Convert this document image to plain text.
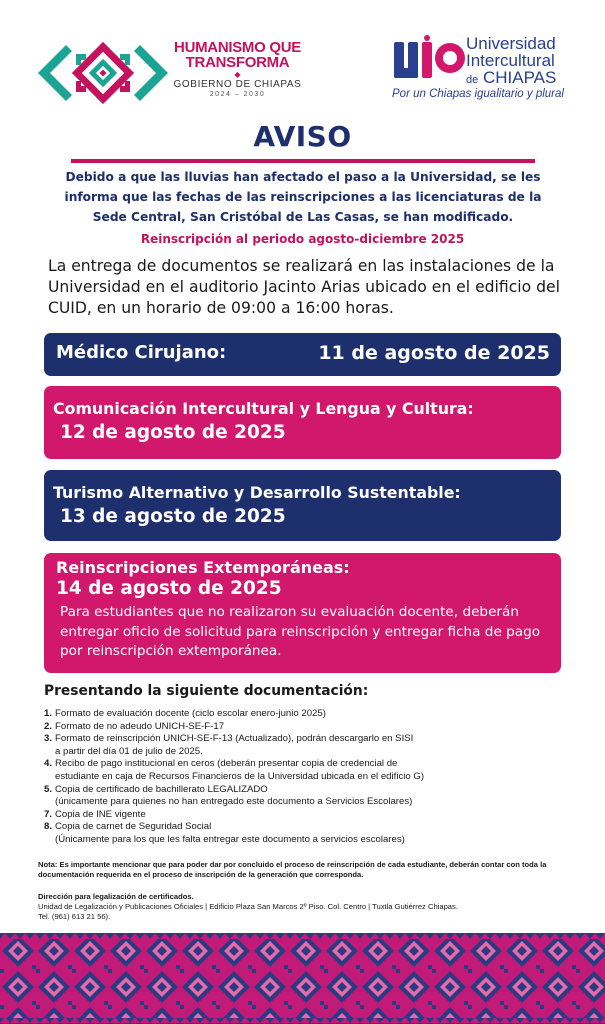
HUMANISMO QUE
TRANSFORMA
◆
GOBIERNO DE CHIAPAS
2024 – 2030
Universidad
Intercultural
de CHIAPAS
Por un Chiapas igualitario y plural
AVISO
Debido a que las lluvias han afectado el paso a la Universidad, se les informa que las fechas de las reinscripciones a las licenciaturas de la Sede Central, San Cristóbal de Las Casas, se han modificado.
Reinscripción al periodo agosto-diciembre 2025
La entrega de documentos se realizará en las instalaciones de la Universidad en el auditorio Jacinto Arias ubicado en el edificio del CUID, en un horario de 09:00 a 16:00 horas.
Médico Cirujano:	11 de agosto de 2025
Comunicación Intercultural y Lengua y Cultura:
12 de agosto de 2025
Turismo Alternativo y Desarrollo Sustentable:
13 de agosto de 2025
Reinscripciones Extemporáneas:
14 de agosto de 2025
Para estudiantes que no realizaron su evaluación docente, deberán entregar oficio de solicitud para reinscripción y entregar ficha de pago por reinscripción extemporánea.
Presentando la siguiente documentación:
1. Formato de evaluación docente (ciclo escolar enero-junio 2025)
2. Formato de no adeudo UNICH-SE-F-17
3. Formato de reinscripción UNICH-SE-F-13 (Actualizado), podrán descargarlo en SISI
a partir del día 01 de julio de 2025.
4. Recibo de pago institucional en ceros (deberán presentar copia de credencial de
estudiante en caja de Recursos Financieros de la Universidad ubicada en el edificio G)
5. Copia de certificado de bachillerato LEGALIZADO
(únicamente para quienes no han entregado este documento a Servicios Escolares)
7. Copia de INE vigente
8. Copia de carnet de Seguridad Social
(Únicamente para los que les falta entregar este documento a servicios escolares)
Nota: Es importante mencionar que para poder dar por concluido el proceso de reinscripción de cada estudiante, deberán contar con toda la documentación requerida en el proceso de inscripción de la generación que corresponda.
Dirección para legalización de certificados.
Unidad de Legalización y Publicaciones Oficiales | Edificio Plaza San Marcos 2º Piso. Col. Centro | Tuxtla Gutiérrez Chiapas.
Tel. (961) 613 21 56).
